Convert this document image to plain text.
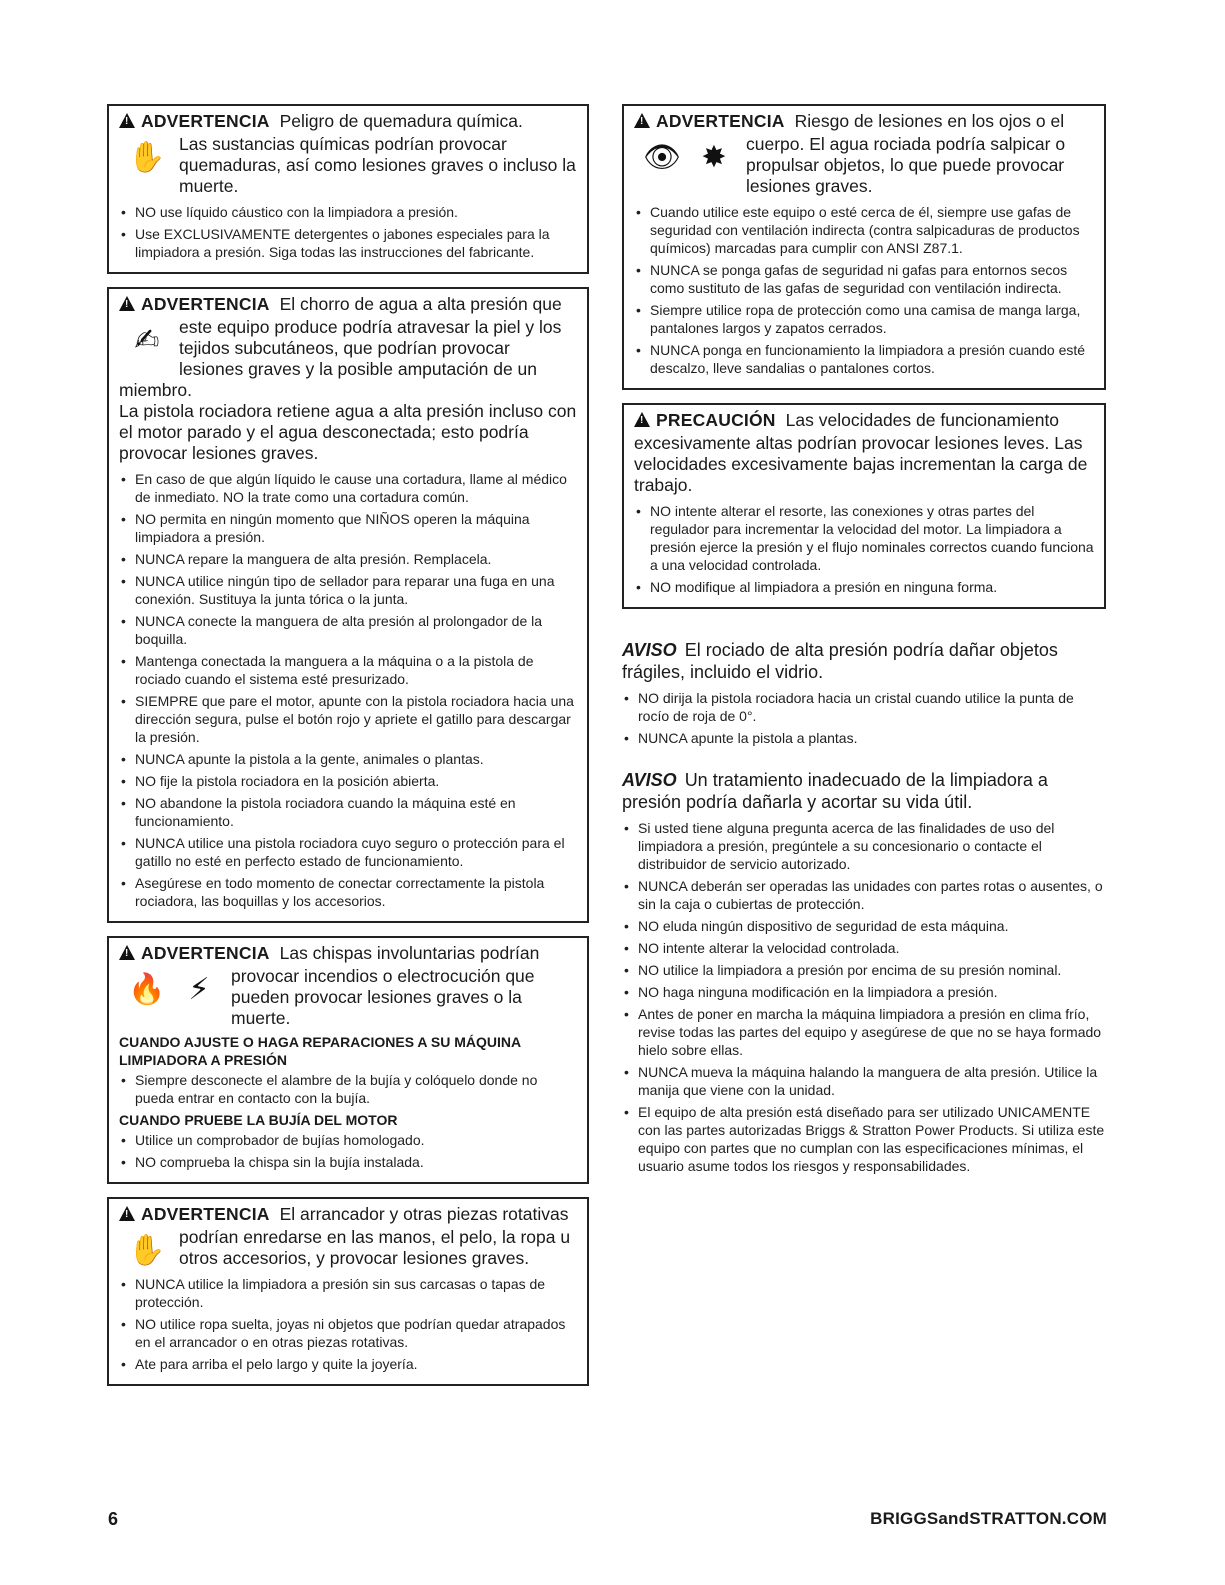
!ADVERTENCIA Peligro de quemadura química.

✋ Las sustancias químicas podrían provocar quemaduras, así como lesiones graves o incluso la muerte.

• NO use líquido cáustico con la limpiadora a presión.
• Use EXCLUSIVAMENTE detergentes o jabones especiales para la limpiadora a presión. Siga todas las instrucciones del fabricante.

!ADVERTENCIA El chorro de agua a alta presión que

✍	este equipo produce podría atravesar la piel y los tejidos subcutáneos, que podrían provocar lesiones graves y la posible amputación de un miembro.

La pistola rociadora retiene agua a alta presión incluso con el motor parado y el agua desconectada; esto podría provocar lesiones graves.

• En caso de que algún líquido le cause una cortadura, llame al médico de inmediato. NO la trate como una cortadura común.
• NO permita en ningún momento que NIÑOS operen la máquina limpiadora a presión.
• NUNCA repare la manguera de alta presión. Remplacela.
• NUNCA utilice ningún tipo de sellador para reparar una fuga en una conexión. Sustituya la junta tórica o la junta.
• NUNCA conecte la manguera de alta presión al prolongador de la boquilla.
• Mantenga conectada la manguera a la máquina o a la pistola de rociado cuando el sistema esté presurizado.
• SIEMPRE que pare el motor, apunte con la pistola rociadora hacia una dirección segura, pulse el botón rojo y apriete el gatillo para descargar la presión.
• NUNCA apunte la pistola a la gente, animales o plantas.
• NO fije la pistola rociadora en la posición abierta.
• NO abandone la pistola rociadora cuando la máquina esté en funcionamiento.
• NUNCA utilice una pistola rociadora cuyo seguro o protección para el gatillo no esté en perfecto estado de funcionamiento.
• Asegúrese en todo momento de conectar correctamente la pistola rociadora, las boquillas y los accesorios.

!ADVERTENCIA Las chispas involuntarias podrían

🔥 ⚡	provocar incendios o electrocución que pueden provocar lesiones graves o la muerte.

CUANDO AJUSTE O HAGA REPARACIONES A SU MÁQUINA LIMPIADORA A PRESIÓN
• Siempre desconecte el alambre de la bujía y colóquelo donde no pueda entrar en contacto con la bujía.
CUANDO PRUEBE LA BUJÍA DEL MOTOR
• Utilice un comprobador de bujías homologado.
• NO comprueba la chispa sin la bujía instalada.

!ADVERTENCIA El arrancador y otras piezas rotativas

✋ podrían enredarse en las manos, el pelo, la ropa u otros accesorios, y provocar lesiones graves.

• NUNCA utilice la limpiadora a presión sin sus carcasas o tapas de protección.
• NO utilice ropa suelta, joyas ni objetos que podrían quedar atrapados en el arrancador o en otras piezas rotativas.
• Ate para arriba el pelo largo y quite la joyería.

!ADVERTENCIA Riesgo de lesiones en los ojos o el

👁 ✸	cuerpo. El agua rociada podría salpicar o propulsar objetos, lo que puede provocar lesiones graves.

• Cuando utilice este equipo o esté cerca de él, siempre use gafas de seguridad con ventilación indirecta (contra salpicaduras de productos químicos) marcadas para cumplir con ANSI Z87.1.
• NUNCA se ponga gafas de seguridad ni gafas para entornos secos como sustituto de las gafas de seguridad con ventilación indirecta.
• Siempre utilice ropa de protección como una camisa de manga larga, pantalones largos y zapatos cerrados.
• NUNCA ponga en funcionamiento la limpiadora a presión cuando esté descalzo, lleve sandalias o pantalones cortos.

!PRECAUCIÓN Las velocidades de funcionamiento

excesivamente altas podrían provocar lesiones leves. Las velocidades excesivamente bajas incrementan la carga de trabajo.

• NO intente alterar el resorte, las conexiones y otras partes del regulador para incrementar la velocidad del motor. La limpiadora a presión ejerce la presión y el flujo nominales correctos cuando funciona a una velocidad controlada.
• NO modifique al limpiadora a presión en ninguna forma.

AVISO El rociado de alta presión podría dañar objetos frágiles, incluido el vidrio.

• NO dirija la pistola rociadora hacia un cristal cuando utilice la punta de rocío de roja de 0°.
• NUNCA apunte la pistola a plantas.

AVISO Un tratamiento inadecuado de la limpiadora a presión podría dañarla y acortar su vida útil.

• Si usted tiene alguna pregunta acerca de las finalidades de uso del limpiadora a presión, pregúntele a su concesionario o contacte el distribuidor de servicio autorizado.
• NUNCA deberán ser operadas las unidades con partes rotas o ausentes, o sin la caja o cubiertas de protección.
• NO eluda ningún dispositivo de seguridad de esta máquina.
• NO intente alterar la velocidad controlada.
• NO utilice la limpiadora a presión por encima de su presión nominal.
• NO haga ninguna modificación en la limpiadora a presión.
• Antes de poner en marcha la máquina limpiadora a presión en clima frío, revise todas las partes del equipo y asegúrese de que no se haya formado hielo sobre ellas.
• NUNCA mueva la máquina halando la manguera de alta presión. Utilice la manija que viene con la unidad.
• El equipo de alta presión está diseñado para ser utilizado UNICAMENTE con las partes autorizadas Briggs & Stratton Power Products. Si utiliza este equipo con partes que no cumplan con las especificaciones mínimas, el usuario asume todos los riesgos y responsabilidades.
6	BRIGGSandSTRATTON.COM
